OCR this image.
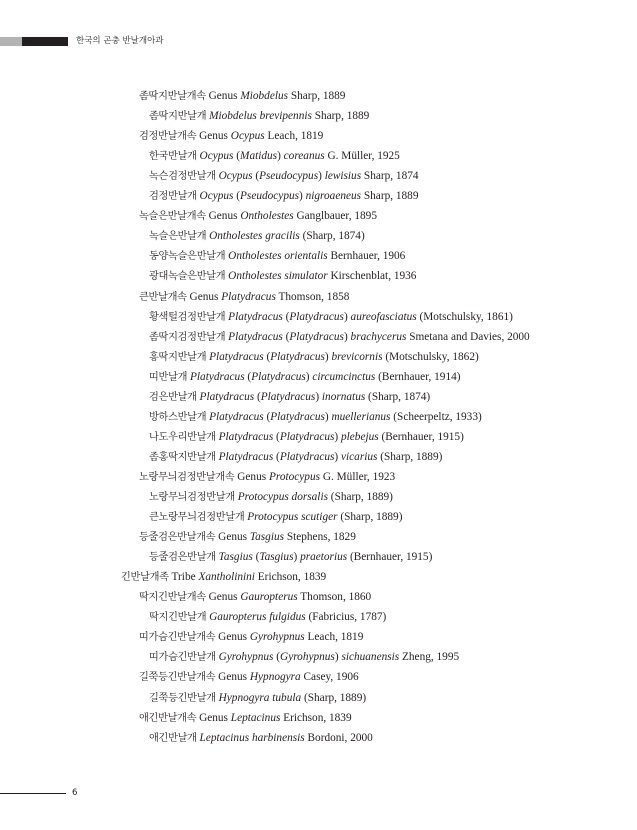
한국의 곤충 반날개아과
좀딱지반날개속 Genus Miobdelus Sharp, 1889
좀딱지반날개 Miobdelus brevipennis Sharp, 1889
검정반날개속 Genus Ocypus Leach, 1819
한국반날개 Ocypus (Matidus) coreanus G. Müller, 1925
녹슨검정반날개 Ocypus (Pseudocypus) lewisius Sharp, 1874
검정반날개 Ocypus (Pseudocypus) nigroaeneus Sharp, 1889
녹슬은반날개속 Genus Ontholestes Ganglbauer, 1895
녹슬은반날개 Ontholestes gracilis (Sharp, 1874)
동양녹슬은반날개 Ontholestes orientalis Bernhauer, 1906
광대녹슬은반날개 Ontholestes simulator Kirschenblat, 1936
큰반날개속 Genus Platydracus Thomson, 1858
황색털검정반날개 Platydracus (Platydracus) aureofasciatus (Motschulsky, 1861)
좀딱지검정반날개 Platydracus (Platydracus) brachycerus Smetana and Davies, 2000
홍딱지반날개 Platydracus (Platydracus) brevicornis (Motschulsky, 1862)
띠반날개 Platydracus (Platydracus) circumcinctus (Bernhauer, 1914)
검은반날개 Platydracus (Platydracus) inornatus (Sharp, 1874)
방하스반날개 Platydracus (Platydracus) muellerianus (Scheerpeltz, 1933)
나도우리반날개 Platydracus (Platydracus) plebejus (Bernhauer, 1915)
좀홍딱지반날개 Platydracus (Platydracus) vicarius (Sharp, 1889)
노랑무늬검정반날개속 Genus Protocypus G. Müller, 1923
노랑무늬검정반날개 Protocypus dorsalis (Sharp, 1889)
큰노랑무늬검정반날개 Protocypus scutiger (Sharp, 1889)
등줄검은반날개속 Genus Tasgius Stephens, 1829
등줄검은반날개 Tasgius (Tasgius) praetorius (Bernhauer, 1915)
긴반날개족 Tribe Xantholinini Erichson, 1839
딱지긴반날개속 Genus Gauropterus Thomson, 1860
딱지긴반날개 Gauropterus fulgidus (Fabricius, 1787)
띠가슴긴반날개속 Genus Gyrohypnus Leach, 1819
띠가슴긴반날개 Gyrohypnus (Gyrohypnus) sichuanensis Zheng, 1995
길쭉등긴반날개속 Genus Hypnogyra Casey, 1906
길쭉등긴반날개 Hypnogyra tubula (Sharp, 1889)
애긴반날개속 Genus Leptacinus Erichson, 1839
애긴반날개 Leptacinus harbinensis Bordoni, 2000
6
